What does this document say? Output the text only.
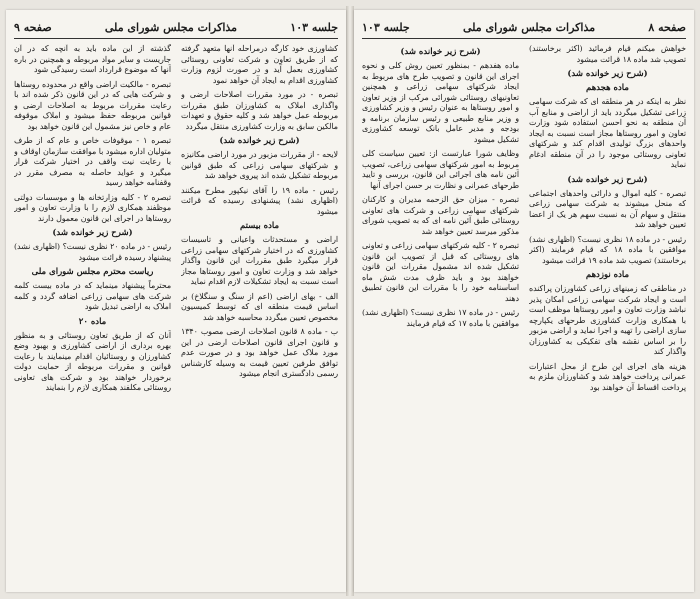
جلسه ۱۰۳
مذاکرات مجلس شورای ملی
صفحه ۹

کشاورزی خود کارگه درمراحله آنها متعهد گرفته که از طریق تعاون و شرکت تعاونی روستائی کشاورزی بعمل آید و در صورت لزوم وزارت کشاورزی اقدام به ایجاد آن خواهد نمود

تبصره - در مورد مقررات اصلاحات ارضی و واگذاری املاک به کشاورزان طبق مقررات مربوطه عمل خواهد شد و کلیه حقوق و تعهدات مالکین سابق به وزارت کشاورزی منتقل میگردد

(شرح زیر خوانده شد)

لایحه - از مقررات مزبور در مورد اراضی مکانیزه و شرکتهای سهامی زراعی که طبق قوانین مربوطه تشکیل شده اند پیروی خواهد شد

رئیس - ماده ۱۹ را آقای نیکپور مطرح میکنند (اظهاری نشد) پیشنهادی رسیده که قرائت میشود

ماده بیستم

اراضی و مستحدثات واعیانی و تاسیسات کشاورزی که در اختیار شرکتهای سهامی زراعی قرار میگیرد طبق مقررات این قانون واگذار خواهد شد و وزارت تعاون و امور روستاها مجاز است نسبت به ایجاد تشکیلات لازم اقدام نماید

الف - بهای اراضی (اعم از سنگ و سنگلاخ) بر اساس قیمت منطقه ای که توسط کمیسیون مخصوص تعیین میگردد محاسبه خواهد شد

ب - ماده ۸ قانون اصلاحات ارضی مصوب ۱۳۴۰ و قانون اجرای قانون اصلاحات ارضی در این مورد ملاک عمل خواهد بود و در صورت عدم توافق طرفین تعیین قیمت به وسیله کارشناس رسمی دادگستری انجام میشود

گذشته از این ماده باید به آنچه که در آن جاریست و سایر مواد مربوطه و همچنین در باره آنها که موضوع قرارداد است رسیدگی شود

تبصره - مالکیت اراضی واقع در محدوده روستاها و شرکت هایی که در این قانون ذکر شده اند با رعایت مقررات مربوط به اصلاحات ارضی و قوانین مربوطه حفظ میشود و املاک موقوفه عام و خاص نیز مشمول این قانون خواهد بود

تبصره ۱ - موقوفات خاص و عام که از طرف متولیان اداره میشود با موافقت سازمان اوقاف و با رعایت نیت واقف در اختیار شرکت قرار میگیرد و عواید حاصله به مصرف مقرر در وقفنامه خواهد رسید

تبصره ۲ - کلیه وزارتخانه ها و موسسات دولتی موظفند همکاری لازم را با وزارت تعاون و امور روستاها در اجرای این قانون معمول دارند

(شرح زیر خوانده شد)

رئیس - در ماده ۲۰ نظری نیست؟ (اظهاری نشد) پیشنهاد رسیده قرائت میشود

ریاست محترم مجلس شورای ملی

محترماً پیشنهاد مینماید که در ماده بیست کلمه شرکت های سهامی زراعی اضافه گردد و کلمه املاک به اراضی تبدیل شود

ماده ۲۰

آنان که از طریق تعاون روستائی و به منظور بهره برداری از اراضی کشاورزی و بهبود وضع کشاورزان و روستائیان اقدام مینمایند با رعایت قوانین و مقررات مربوطه از حمایت دولت برخوردار خواهند بود و شرکت های تعاونی روستائی مکلفند همکاری لازم را بنمایند

صفحه ۸
مذاکرات مجلس شورای ملی
جلسه ۱۰۳

خواهش میکنم قیام فرمائید (اکثر برخاستند) تصویب شد ماده ۱۸ قرائت میشود

(شرح زیر خوانده شد)
ماده هجدهم

نظر به اینکه در هر منطقه ای که شرکت سهامی زراعی تشکیل میگردد باید از اراضی و منابع آب آن منطقه به نحو احسن استفاده شود وزارت تعاون و امور روستاها مجاز است نسبت به ایجاد واحدهای بزرگ تولیدی اقدام کند و شرکتهای تعاونی روستائی موجود را در آن منطقه ادغام نماید

(شرح زیر خوانده شد)

تبصره - کلیه اموال و دارائی واحدهای اجتماعی که منحل میشوند به شرکت سهامی زراعی منتقل و سهام آن به نسبت سهم هر یک از اعضا تعیین خواهد شد

رئیس - در ماده ۱۸ نظری نیست؟ (اظهاری نشد) موافقین با ماده ۱۸ که قیام فرمایند (اکثر برخاستند) تصویب شد ماده ۱۹ قرائت میشود

ماده نوزدهم

در مناطقی که زمینهای زراعی کشاورزان پراکنده است و ایجاد شرکت سهامی زراعی امکان پذیر نباشد وزارت تعاون و امور روستاها موظف است با همکاری وزارت کشاورزی طرحهای یکپارچه سازی اراضی را تهیه و اجرا نماید و اراضی مزبور را بر اساس نقشه های تفکیکی به کشاورزان واگذار کند

هزینه های اجرای این طرح از محل اعتبارات عمرانی پرداخت خواهد شد و کشاورزان ملزم به پرداخت اقساط آن خواهند بود

(شرح زیر خوانده شد)

ماده هفدهم - بمنظور تعیین روش کلی و نحوه اجرای این قانون و تصویب طرح های مربوط به ایجاد شرکتهای سهامی زراعی و همچنین تعاونیهای روستائی شورائی مرکب از وزیر تعاون و امور روستاها به عنوان رئیس و وزیر کشاورزی و وزیر منابع طبیعی و رئیس سازمان برنامه و بودجه و مدیر عامل بانک توسعه کشاورزی تشکیل میشود

وظایف شورا عبارتست از: تعیین سیاست کلی مربوط به امور شرکتهای سهامی زراعی، تصویب آئین نامه های اجرائی این قانون، بررسی و تایید طرحهای عمرانی و نظارت بر حسن اجرای آنها

تبصره - میزان حق الزحمه مدیران و کارکنان شرکتهای سهامی زراعی و شرکت های تعاونی روستائی طبق آئین نامه ای که به تصویب شورای مذکور میرسد تعیین خواهد شد

تبصره ۲ - کلیه شرکتهای سهامی زراعی و تعاونی های روستائی که قبل از تصویب این قانون تشکیل شده اند مشمول مقررات این قانون خواهند بود و باید ظرف مدت شش ماه اساسنامه خود را با مقررات این قانون تطبیق دهند

رئیس - در ماده ۱۷ نظری نیست؟ (اظهاری نشد) موافقین با ماده ۱۷ که قیام فرمایند
